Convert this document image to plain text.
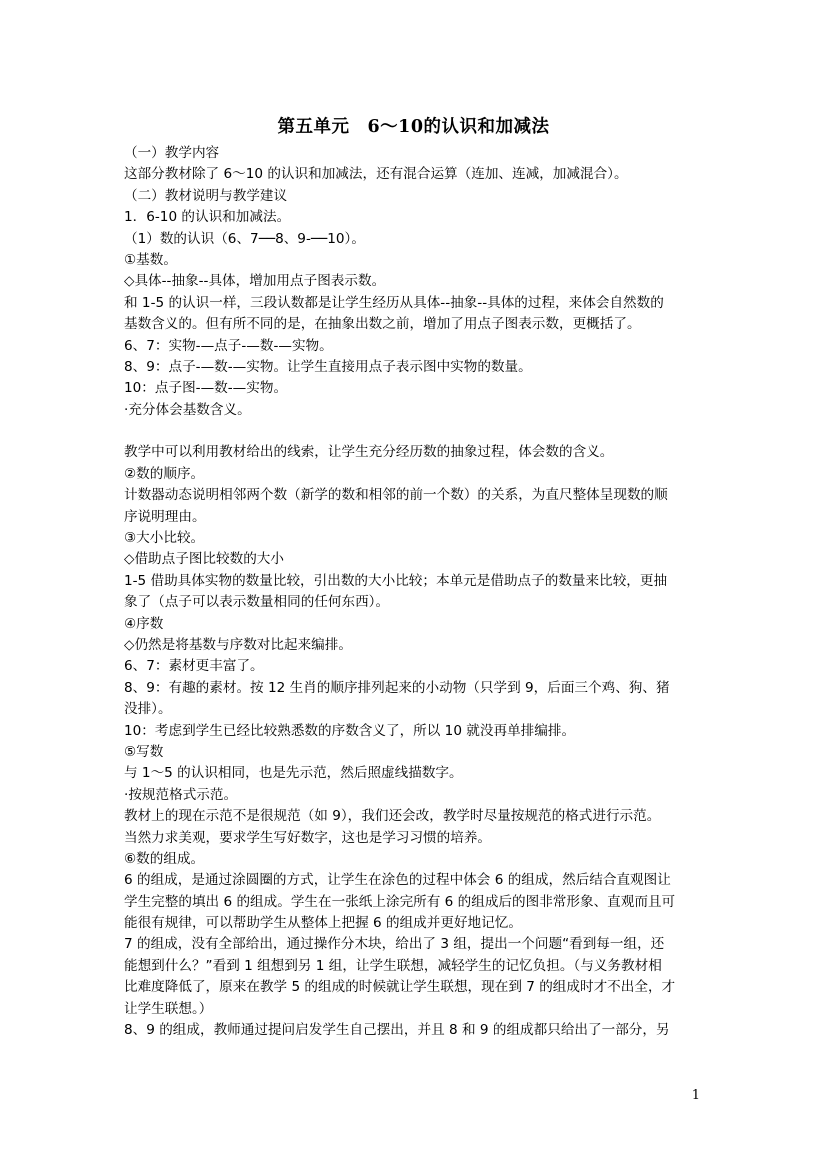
第五单元　6～10的认识和加减法
（一）教学内容
这部分教材除了 6～10 的认识和加减法，还有混合运算（连加、连减，加减混合）。
（二）教材说明与教学建议
1．6-10 的认识和加减法。
（1）数的认识（6、7──8、9-──10）。
①基数。
◇具体--抽象--具体，增加用点子图表示数。
和 1-5 的认识一样，三段认数都是让学生经历从具体--抽象--具体的过程，来体会自然数的
基数含义的。但有所不同的是，在抽象出数之前，增加了用点子图表示数，更概括了。
6、7：实物-—点子-—数-—实物。
8、9：点子-—数-—实物。让学生直接用点子表示图中实物的数量。
10：点子图-—数-—实物。
·充分体会基数含义。
教学中可以利用教材给出的线索，让学生充分经历数的抽象过程，体会数的含义。
②数的顺序。
计数器动态说明相邻两个数（新学的数和相邻的前一个数）的关系，为直尺整体呈现数的顺
序说明理由。
③大小比较。
◇借助点子图比较数的大小
1-5 借助具体实物的数量比较，引出数的大小比较；本单元是借助点子的数量来比较，更抽
象了（点子可以表示数量相同的任何东西）。
④序数
◇仍然是将基数与序数对比起来编排。
6、7：素材更丰富了。
8、9：有趣的素材。按 12 生肖的顺序排列起来的小动物（只学到 9，后面三个鸡、狗、猪
没排）。
10：考虑到学生已经比较熟悉数的序数含义了，所以 10 就没再单排编排。
⑤写数
与 1～5 的认识相同，也是先示范，然后照虚线描数字。
·按规范格式示范。
教材上的现在示范不是很规范（如 9），我们还会改，教学时尽量按规范的格式进行示范。
当然力求美观，要求学生写好数字，这也是学习习惯的培养。
⑥数的组成。
6 的组成，是通过涂圆圈的方式，让学生在涂色的过程中体会 6 的组成，然后结合直观图让
学生完整的填出 6 的组成。学生在一张纸上涂完所有 6 的组成后的图非常形象、直观而且可
能很有规律，可以帮助学生从整体上把握 6 的组成并更好地记忆。
7 的组成，没有全部给出，通过操作分木块，给出了 3 组，提出一个问题“看到每一组，还
能想到什么？”看到 1 组想到另 1 组，让学生联想，减轻学生的记忆负担。（与义务教材相
比难度降低了，原来在教学 5 的组成的时候就让学生联想，现在到 7 的组成时才不出全，才
让学生联想。）
8、9 的组成，教师通过提问启发学生自己摆出，并且 8 和 9 的组成都只给出了一部分，另
1
